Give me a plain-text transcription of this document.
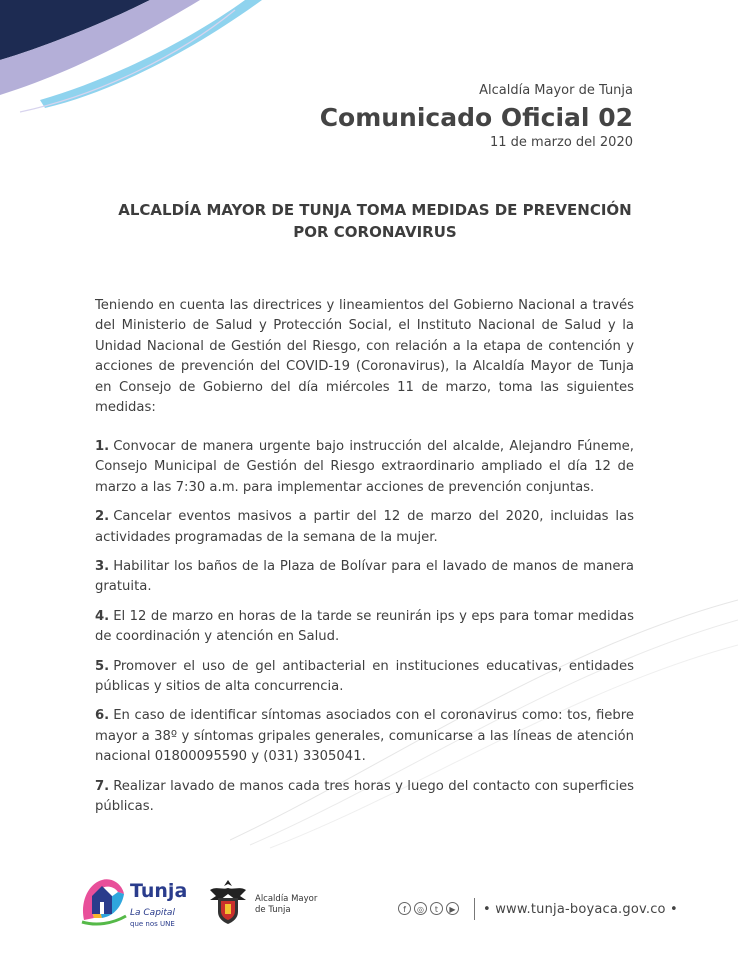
Alcaldía Mayor de Tunja
Comunicado Oficial 02
11 de marzo del 2020
ALCALDÍA MAYOR DE TUNJA TOMA MEDIDAS DE PREVENCIÓN
POR CORONAVIRUS
Teniendo en cuenta las directrices y lineamientos del Gobierno Nacional a través del Ministerio de Salud y Protección Social, el Instituto Nacional de Salud y la Unidad Nacional de Gestión del Riesgo, con relación a la etapa de contención y acciones de prevención del COVID-19 (Coronavirus), la Alcaldía Mayor de Tunja en Consejo de Gobierno del día miércoles 11 de marzo, toma las siguientes medidas:
1. Convocar de manera urgente bajo instrucción del alcalde, Alejandro Fúneme, Consejo Municipal de Gestión del Riesgo extraordinario ampliado el día 12 de marzo a las 7:30 a.m. para implementar acciones de prevención conjuntas.
2. Cancelar eventos masivos a partir del 12 de marzo del 2020, incluidas las actividades programadas de la semana de la mujer.
3. Habilitar los baños de la Plaza de Bolívar para el lavado de manos de manera gratuita.
4. El 12 de marzo en horas de la tarde se reunirán ips y eps para tomar medidas de coordinación y atención en Salud.
5. Promover el uso de gel antibacterial en instituciones educativas, entidades públicas y sitios de alta concurrencia.
6. En caso de identificar síntomas asociados con el coronavirus como: tos, fiebre mayor a 38º y síntomas gripales generales, comunicarse a las líneas de atención nacional 01800095590 y (031) 3305041.
7. Realizar lavado de manos cada tres horas y luego del contacto con superficies públicas.
Tunja
La Capital
que nos UNE
Alcaldía Mayor
de Tunja	f	◎	t	▶ • www.tunja-boyaca.gov.co •
